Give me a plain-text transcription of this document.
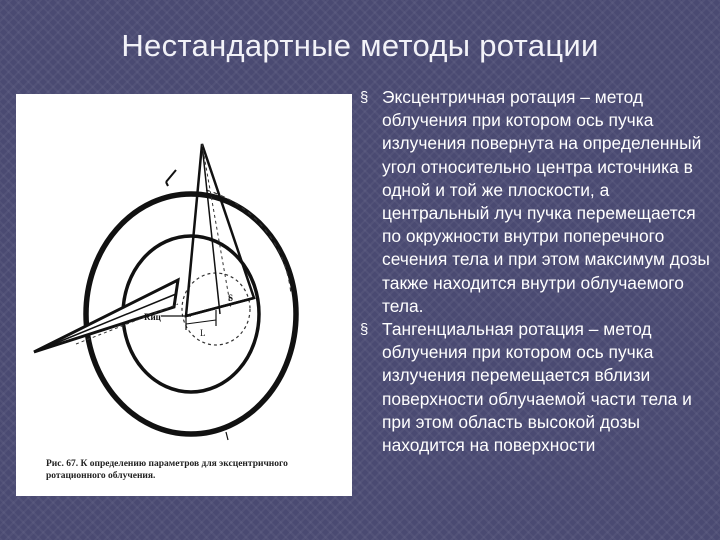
Нестандартные методы ротации
Rиц
L
S
Рис. 67. К определению параметров для эксцентричного
ротационного облучения.
§ Эксцентричная ротация – метод облучения при котором ось пучка излучения повернута на определенный угол относительно центра источника в одной и той же плоскости, а центральный луч пучка перемещается по окружности внутри поперечного сечения тела и при этом максимум дозы также находится внутри облучаемого тела.
§ Тангенциальная ротация – метод облучения при котором ось пучка излучения перемещается вблизи поверхности облучаемой части тела и при этом область высокой дозы находится на поверхности
